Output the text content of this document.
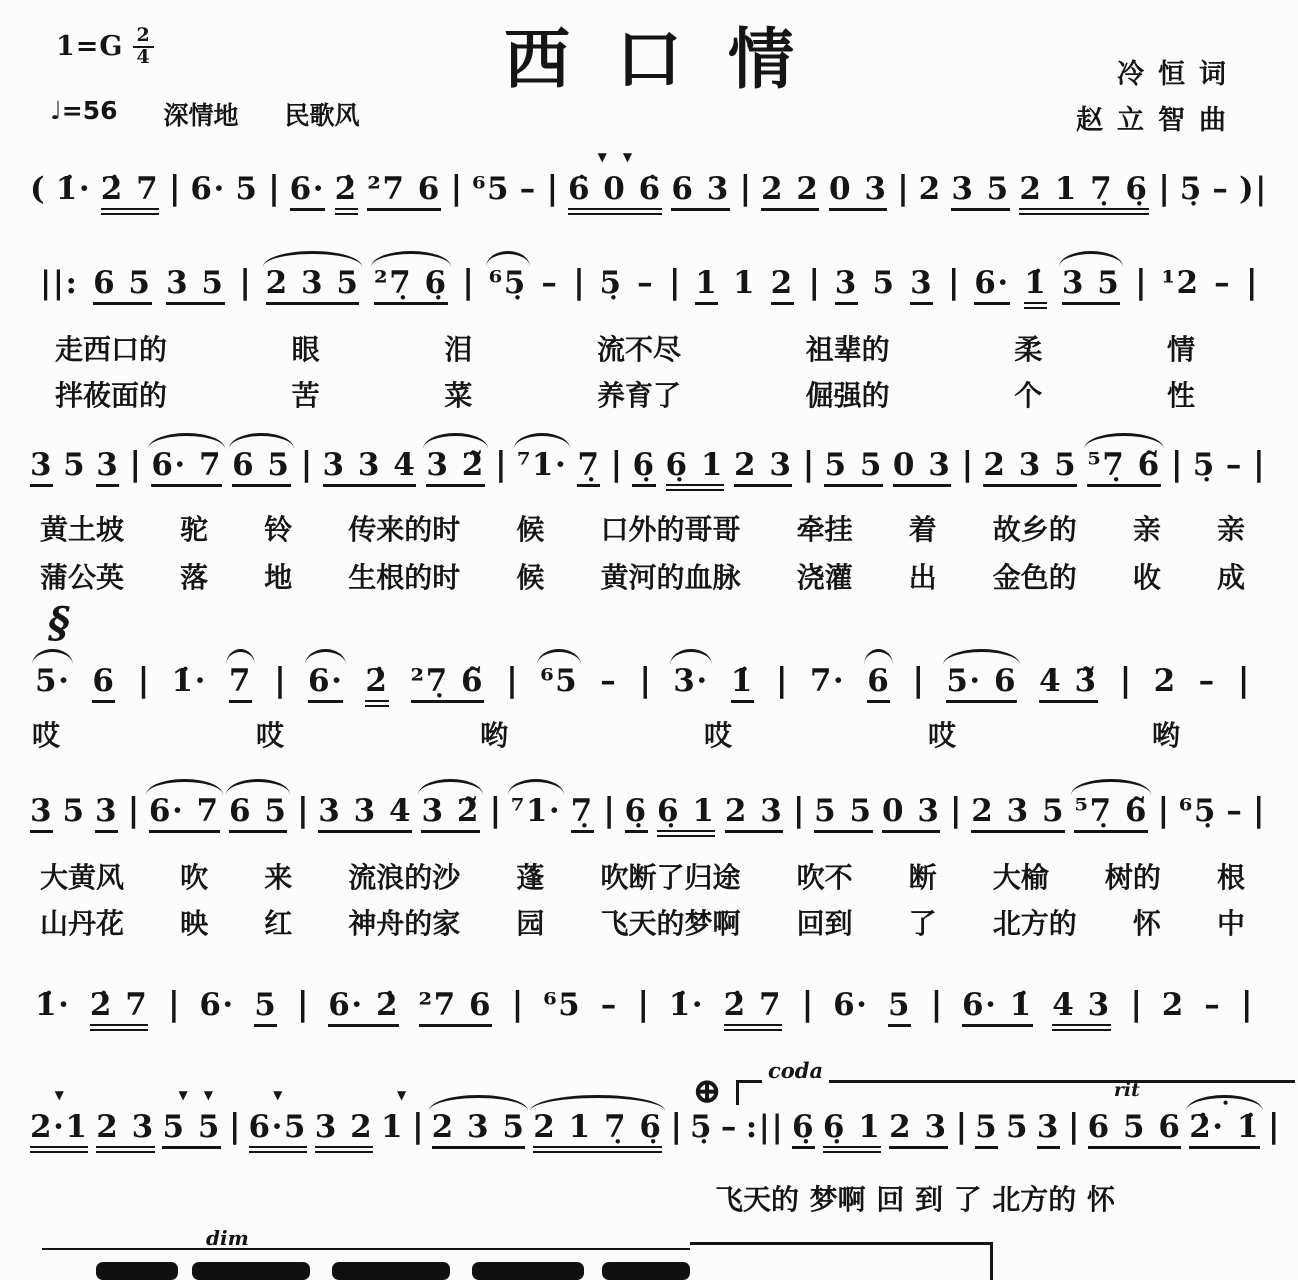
$1=G \frac{2}{4}$
♩=56 深情地 民歌风
西口情	冷恒词
赵立智曲
( 1̇· 2̇ 7 | 6· 5 | 6· 2̇ ²7 6 | ⁶5 – | 6̇ 0 6̇
▼▼
6 3 | 2 2 0 3 | 2 3 5 2 1 7̣ 6̣ | 5̣ – )|
||: 6 5 3 5 | 2 3 5 ²7̣ 6̣ | ⁶5̣ – | 5̣ – | 1 1 2 | 3 5 3 | 6· 1̇ 3 5 | ¹2 – |
走西口的	眼	泪	流不尽	祖辈的	柔	情
拌莜面的	苦	菜	养育了	倔强的	个	性
3 5 3 | 6· 7 6 5 | 3 3 4 3 2̃ | ⁷1· 7̣ | 6̣ 6̣ 1 2 3 | 5 5 0 3 | 2 3 5 ⁵7̣ 6̃ | 5̣ – |
黄土坡 驼 铃 传来的时 候 口外的哥哥 牵挂 着 故乡的 亲 亲
蒲公英 落 地 生根的时 候 黄河的血脉 浇灌 出 金色的 收 成
§
5· 6 | 1̇· 7 | 6· 2̇ ²7̣ 6̃ | ⁶5 – | 3· 1̇ | 7· 6 | 5· 6 4 3̃ | 2 – |
哎	哎	哟	哎	哎	哟
3 5 3 | 6· 7 6 5 | 3 3 4 3 2̃ | ⁷1· 7̣ | 6̣ 6̣ 1 2 3 | 5 5 0 3 | 2 3 5 ⁵7̣ 6̃ | ⁶5̣ – |
大黄风 吹 来 流浪的沙 蓬 吹断了归途 吹不 断 大榆 树的 根
山丹花 映 红 神舟的家 园 飞天的梦啊 回到 了 北方的 怀 中
1̇· 2̇ 7 | 6· 5 | 6· 2̇ ²7 6 | ⁶5 – | 1̇· 2̇ 7 | 6· 5 | 6· 1̇ 4 3 | 2 – |
⊕ coda
2·1
▼
2 3 5 5
▼▼
| 6·5
▼
3 2 1
▼
| 2 3 5 2 1 7̣ 6̣ | 5̣ – :|| 6̣ 6̣ 1 2 3 | 5 5 3 | 6 5 6
rit
2̇· 1̇ • |
飞天的 梦啊 回 到 了 北方的 怀
dim
